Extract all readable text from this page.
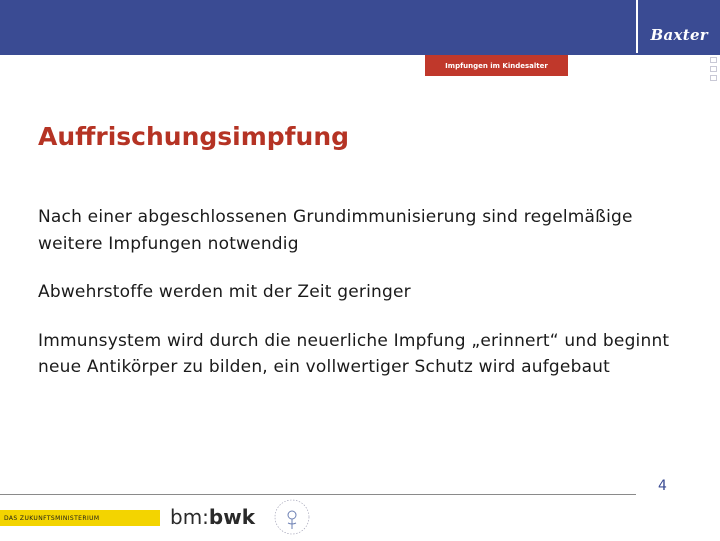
Baxter
Impfungen im Kindesalter
Auffrischungsimpfung

Nach einer abgeschlossenen Grundimmunisierung sind regelmäßige weitere Impfungen notwendig

Abwehrstoffe werden mit der Zeit geringer

Immunsystem wird durch die neuerliche Impfung „erinnert“ und beginnt neue Antikörper zu bilden, ein vollwertiger Schutz wird aufgebaut

4
DAS ZUKUNFTSMINISTERIUM	bm:bwk
